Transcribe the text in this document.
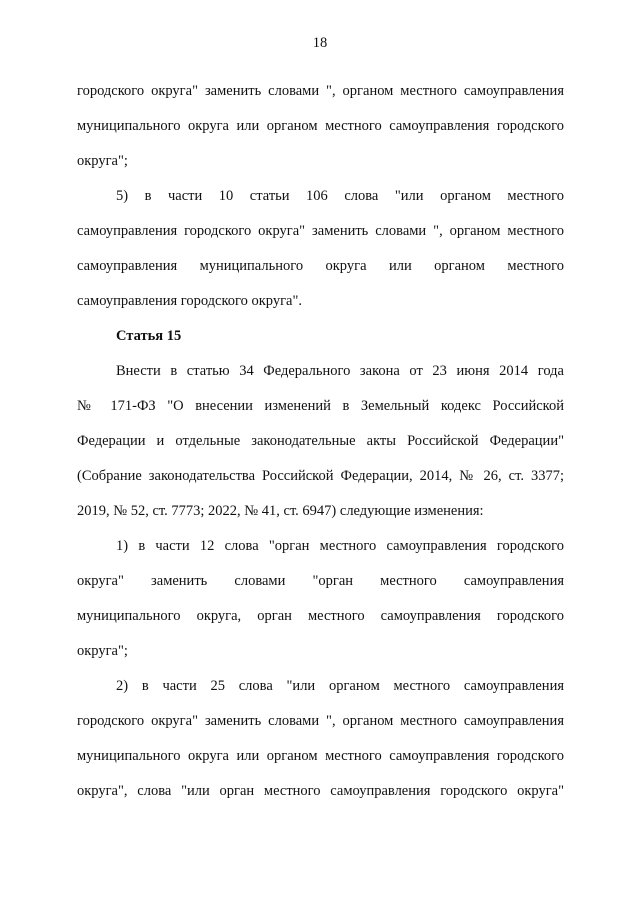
18

городского округа" заменить словами ", органом местного самоуправления
муниципального округа или органом местного самоуправления городского
округа";

5) в части 10 статьи 106 слова "или органом местного
самоуправления городского округа" заменить словами ", органом местного
самоуправления муниципального округа или органом местного
самоуправления городского округа".

Статья 15

Внести в статью 34 Федерального закона от 23 июня 2014 года
№ 171-ФЗ "О внесении изменений в Земельный кодекс Российской
Федерации и отдельные законодательные акты Российской Федерации"
(Собрание законодательства Российской Федерации, 2014, № 26, ст. 3377;
2019, № 52, ст. 7773; 2022, № 41, ст. 6947) следующие изменения:

1) в части 12 слова "орган местного самоуправления городского
округа" заменить словами "орган местного самоуправления
муниципального округа, орган местного самоуправления городского
округа";

2) в части 25 слова "или органом местного самоуправления
городского округа" заменить словами ", органом местного самоуправления
муниципального округа или органом местного самоуправления городского
округа", слова "или орган местного самоуправления городского округа"
